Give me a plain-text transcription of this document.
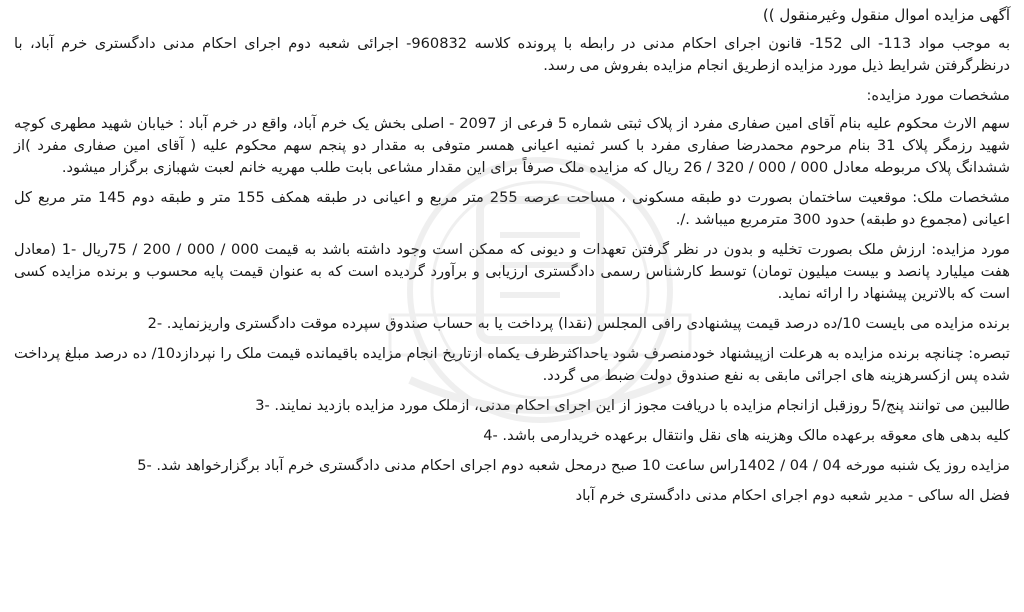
آگهی مزایده اموال منقول وغیرمنقول ))

به موجب مواد 113- الی 152- قانون اجرای احکام مدنی در رابطه با پرونده کلاسه 960832- اجرائی شعبه دوم اجرای احکام مدنی دادگستری خرم آباد، با درنظرگرفتن شرایط ذیل مورد مزایده ازطریق انجام مزایده بفروش می رسد.

مشخصات مورد مزایده:

سهم الارث محکوم علیه بنام آقای امین صفاری مفرد از پلاک ثبتی شماره 5 فرعی از 2097 - اصلی بخش یک خرم آباد، واقع در خرم آباد : خیابان شهید مطهری کوچه شهید رزمگر پلاک 31 بنام مرحوم محمدرضا صفاری مفرد با کسر ثمنیه اعیانی همسر متوفی به مقدار دو پنجم سهم محکوم علیه ( آقای امین صفاری مفرد )از ششدانگ پلاک مربوطه معادل 000 / 000 / 320 / 26 ریال که مزایده ملک صرفاً برای این مقدار مشاعی بابت طلب مهریه خانم لعبت شهبازی برگزار میشود.

مشخصات ملک: موقعیت ساختمان بصورت دو طبقه مسکونی ، مساحت عرصه 255 متر مربع و اعیانی در طبقه همکف 155 متر و طبقه دوم 145 متر مربع کل اعیانی (مجموع دو طبقه) حدود 300 مترمربع میباشد ./.

مورد مزایده: ارزش ملک بصورت تخلیه و بدون در نظر گرفتن تعهدات و دیونی که ممکن است وجود داشته باشد به قیمت 000 / 000 / 200 / 75ریال -1 (معادل هفت میلیارد پانصد و بیست میلیون تومان) توسط کارشناس رسمی دادگستری ارزیابی و برآورد گردیده است که به عنوان قیمت پایه محسوب و برنده مزایده کسی است که بالاترین پیشنهاد را ارائه نماید.

برنده مزایده می بایست 10/ده درصد قیمت پیشنهادی رافی المجلس (نقدا) پرداخت یا به حساب صندوق سپرده موقت دادگستری واریزنماید. -2

تبصره: چنانچه برنده مزایده به هرعلت ازپیشنهاد خودمنصرف شود یاحداکثرظرف یکماه ازتاریخ انجام مزایده باقیمانده قیمت ملک را نپردازد10/ ده درصد مبلغ پرداخت شده پس ازکسرهزینه های اجرائی مابقی به نفع صندوق دولت ضبط می گردد.

طالبین می توانند پنج/5 روزقبل ازانجام مزایده با دریافت مجوز از این اجرای احکام مدنی، ازملک مورد مزایده بازدید نمایند. -3

کلیه بدهی های معوقه برعهده مالک وهزینه های نقل وانتقال برعهده خریدارمی باشد. -4

مزایده روز یک شنبه مورخه 04 / 04 / 1402راس ساعت 10 صبح درمحل شعبه دوم اجرای احکام مدنی دادگستری خرم آباد برگزارخواهد شد. -5

فضل اله ساکی - مدیر شعبه دوم اجرای احکام مدنی دادگستری خرم آباد
